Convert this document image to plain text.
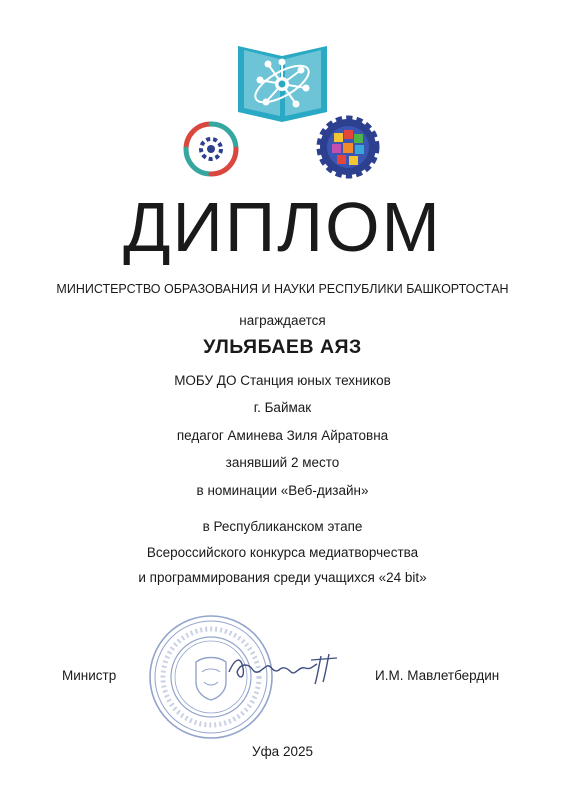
ДИПЛОМ
МИНИСТЕРСТВО ОБРАЗОВАНИЯ И НАУКИ РЕСПУБЛИКИ БАШКОРТОСТАН
награждается
УЛЬЯБАЕВ АЯЗ
МОБУ ДО Станция юных техников
г. Баймак
педагог Аминева Зиля Айратовна
занявший 2 место
в номинации «Веб-дизайн»
в Республиканском этапе
Всероссийского конкурса медиатворчества
и программирования среди учащихся «24 bit»
Министр	И.М. Мавлетбердин
Уфа 2025
